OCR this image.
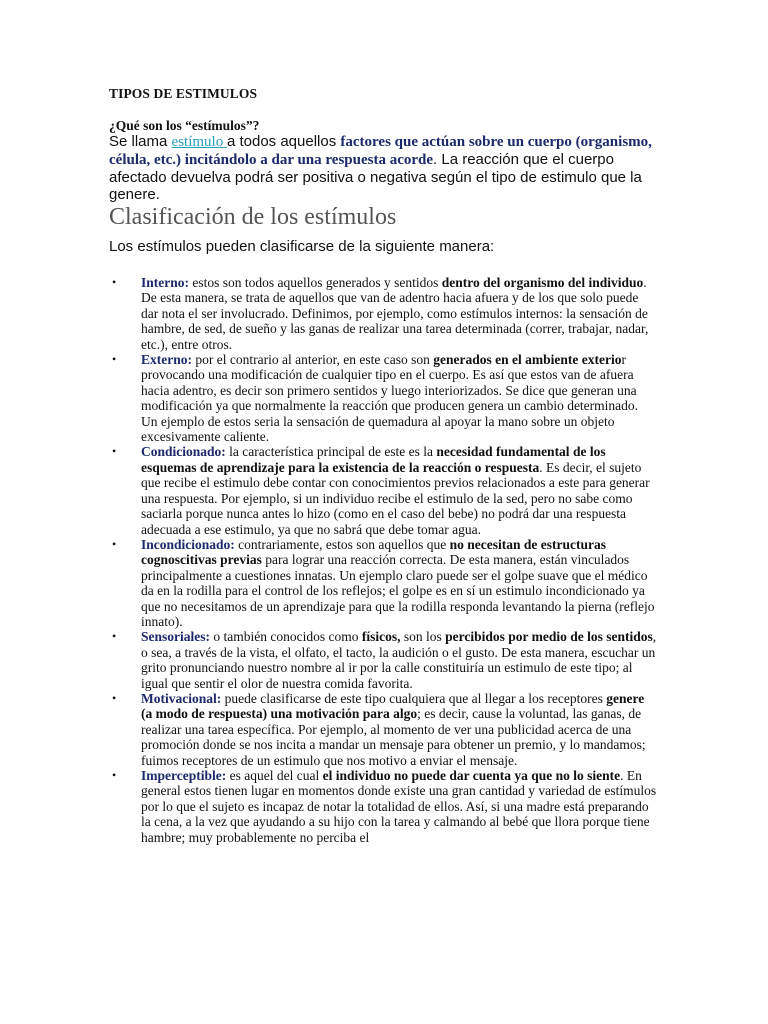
TIPOS DE ESTIMULOS
¿Qué son los “estímulos”?
Se llama estímulo a todos aquellos factores que actúan sobre un cuerpo (organismo, célula, etc.) incitándolo a dar una respuesta acorde. La reacción que el cuerpo afectado devuelva podrá ser positiva o negativa según el tipo de estimulo que la genere.
Clasificación de los estímulos
Los estímulos pueden clasificarse de la siguiente manera:
•	Interno: estos son todos aquellos generados y sentidos dentro del organismo del individuo. De esta manera, se trata de aquellos que van de adentro hacia afuera y de los que solo puede dar nota el ser involucrado. Definimos, por ejemplo, como estímulos internos: la sensación de hambre, de sed, de sueño y las ganas de realizar una tarea determinada (correr, trabajar, nadar, etc.), entre otros.
•	Externo: por el contrario al anterior, en este caso son generados en el ambiente exterior provocando una modificación de cualquier tipo en el cuerpo. Es así que estos van de afuera hacia adentro, es decir son primero sentidos y luego interiorizados. Se dice que generan una modificación ya que normalmente la reacción que producen genera un cambio determinado. Un ejemplo de estos seria la sensación de quemadura al apoyar la mano sobre un objeto excesivamente caliente.
•	Condicionado: la característica principal de este es la necesidad fundamental de los esquemas de aprendizaje para la existencia de la reacción o respuesta. Es decir, el sujeto que recibe el estimulo debe contar con conocimientos previos relacionados a este para generar una respuesta. Por ejemplo, si un individuo recibe el estimulo de la sed, pero no sabe como saciarla porque nunca antes lo hizo (como en el caso del bebe) no podrá dar una respuesta adecuada a ese estimulo, ya que no sabrá que debe tomar agua.
•	Incondicionado: contrariamente, estos son aquellos que no necesitan de estructuras cognoscitivas previas para lograr una reacción correcta. De esta manera, están vinculados principalmente a cuestiones innatas. Un ejemplo claro puede ser el golpe suave que el médico da en la rodilla para el control de los reflejos; el golpe es en sí un estimulo incondicionado ya que no necesitamos de un aprendizaje para que la rodilla responda levantando la pierna (reflejo innato).
•	Sensoriales: o también conocidos como físicos, son los percibidos por medio de los sentidos, o sea, a través de la vista, el olfato, el tacto, la audición o el gusto. De esta manera, escuchar un grito pronunciando nuestro nombre al ir por la calle constituiría un estimulo de este tipo; al igual que sentir el olor de nuestra comida favorita.
•	Motivacional: puede clasificarse de este tipo cualquiera que al llegar a los receptores genere (a modo de respuesta) una motivación para algo; es decir, cause la voluntad, las ganas, de realizar una tarea específica. Por ejemplo, al momento de ver una publicidad acerca de una promoción donde se nos incita a mandar un mensaje para obtener un premio, y lo mandamos; fuimos receptores de un estimulo que nos motivo a enviar el mensaje.
•	Imperceptible: es aquel del cual el individuo no puede dar cuenta ya que no lo siente. En general estos tienen lugar en momentos donde existe una gran cantidad y variedad de estímulos por lo que el sujeto es incapaz de notar la totalidad de ellos. Así, si una madre está preparando la cena, a la vez que ayudando a su hijo con la tarea y calmando al bebé que llora porque tiene hambre; muy probablemente no perciba el
